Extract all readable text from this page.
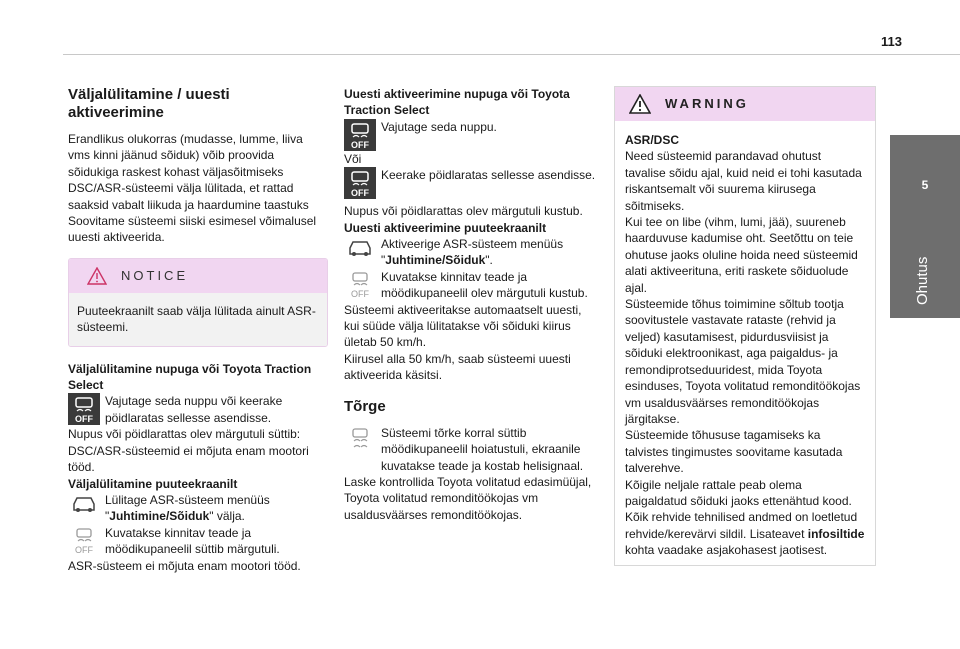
113
5
Ohutus
Väljalülitamine / uuesti aktiveerimine

Erandlikus olukorras (mudasse, lumme, liiva vms kinni jäänud sõiduk) võib proovida sõidukiga raskest kohast väljasõitmiseks DSC/ASR-süsteemi välja lülitada, et rattad saaksid vabalt liikuda ja haardumine taastuks

Soovitame süsteemi siiski esimesel võimalusel uuesti aktiveerida.

NOTICE
Puuteekraanilt saab välja lülitada ainult ASR-süsteemi.

Väljalülitamine nupuga või Toyota Traction Select

OFF

Vajutage seda nuppu või keerake pöidlaratas sellesse asendisse.

Nupus või pöidlarattas olev märgutuli süttib: DSC/ASR-süsteemid ei mõjuta enam mootori tööd.

Väljalülitamine puuteekraanilt

Lülitage ASR-süsteem menüüs "Juhtimine/Sõiduk" välja.

OFF

Kuvatakse kinnitav teade ja möödikupaneelil süttib märgutuli.

ASR-süsteem ei mõjuta enam mootori tööd.

Uuesti aktiveerimine nupuga või Toyota Traction Select

OFF

Vajutage seda nuppu.

Või

OFF

Keerake pöidlaratas sellesse asendisse.

Nupus või pöidlarattas olev märgutuli kustub.

Uuesti aktiveerimine puuteekraanilt

Aktiveerige ASR-süsteem menüüs "Juhtimine/Sõiduk".

OFF

Kuvatakse kinnitav teade ja möödikupaneelil olev märgutuli kustub.

Süsteemi aktiveeritakse automaatselt uuesti, kui süüde välja lülitatakse või sõiduki kiirus ületab 50 km/h.

Kiirusel alla 50 km/h, saab süsteemi uuesti aktiveerida käsitsi.

Tõrge

Süsteemi tõrke korral süttib möödikupaneelil hoiatustuli, ekraanile kuvatakse teade ja kostab helisignaal.

Laske kontrollida Toyota volitatud edasimüüjal, Toyota volitatud remonditöökojas vm usaldusväärses remonditöökojas.

WARNING

ASR/DSC

Need süsteemid parandavad ohutust tavalise sõidu ajal, kuid neid ei tohi kasutada riskantsemalt või suurema kiirusega sõitmiseks.

Kui tee on libe (vihm, lumi, jää), suureneb haarduvuse kadumise oht. Seetõttu on teie ohutuse jaoks oluline hoida need süsteemid alati aktiveerituna, eriti raskete sõiduolude ajal.

Süsteemide tõhus toimimine sõltub tootja soovitustele vastavate rataste (rehvid ja veljed) kasutamisest, pidurdusviisist ja sõiduki elektroonikast, aga paigaldus- ja remondiprotseduuridest, mida Toyota esinduses, Toyota volitatud remonditöökojas vm usaldusväärses remonditöökojas järgitakse.

Süsteemide tõhususe tagamiseks ka talvistes tingimustes soovitame kasutada talverehve.

Kõigile neljale rattale peab olema paigaldatud sõiduki jaoks ettenähtud kood.

Kõik rehvide tehnilised andmed on loetletud rehvide/kerevärvi sildil. Lisateavet infosiltide kohta vaadake asjakohasest jaotisest.
